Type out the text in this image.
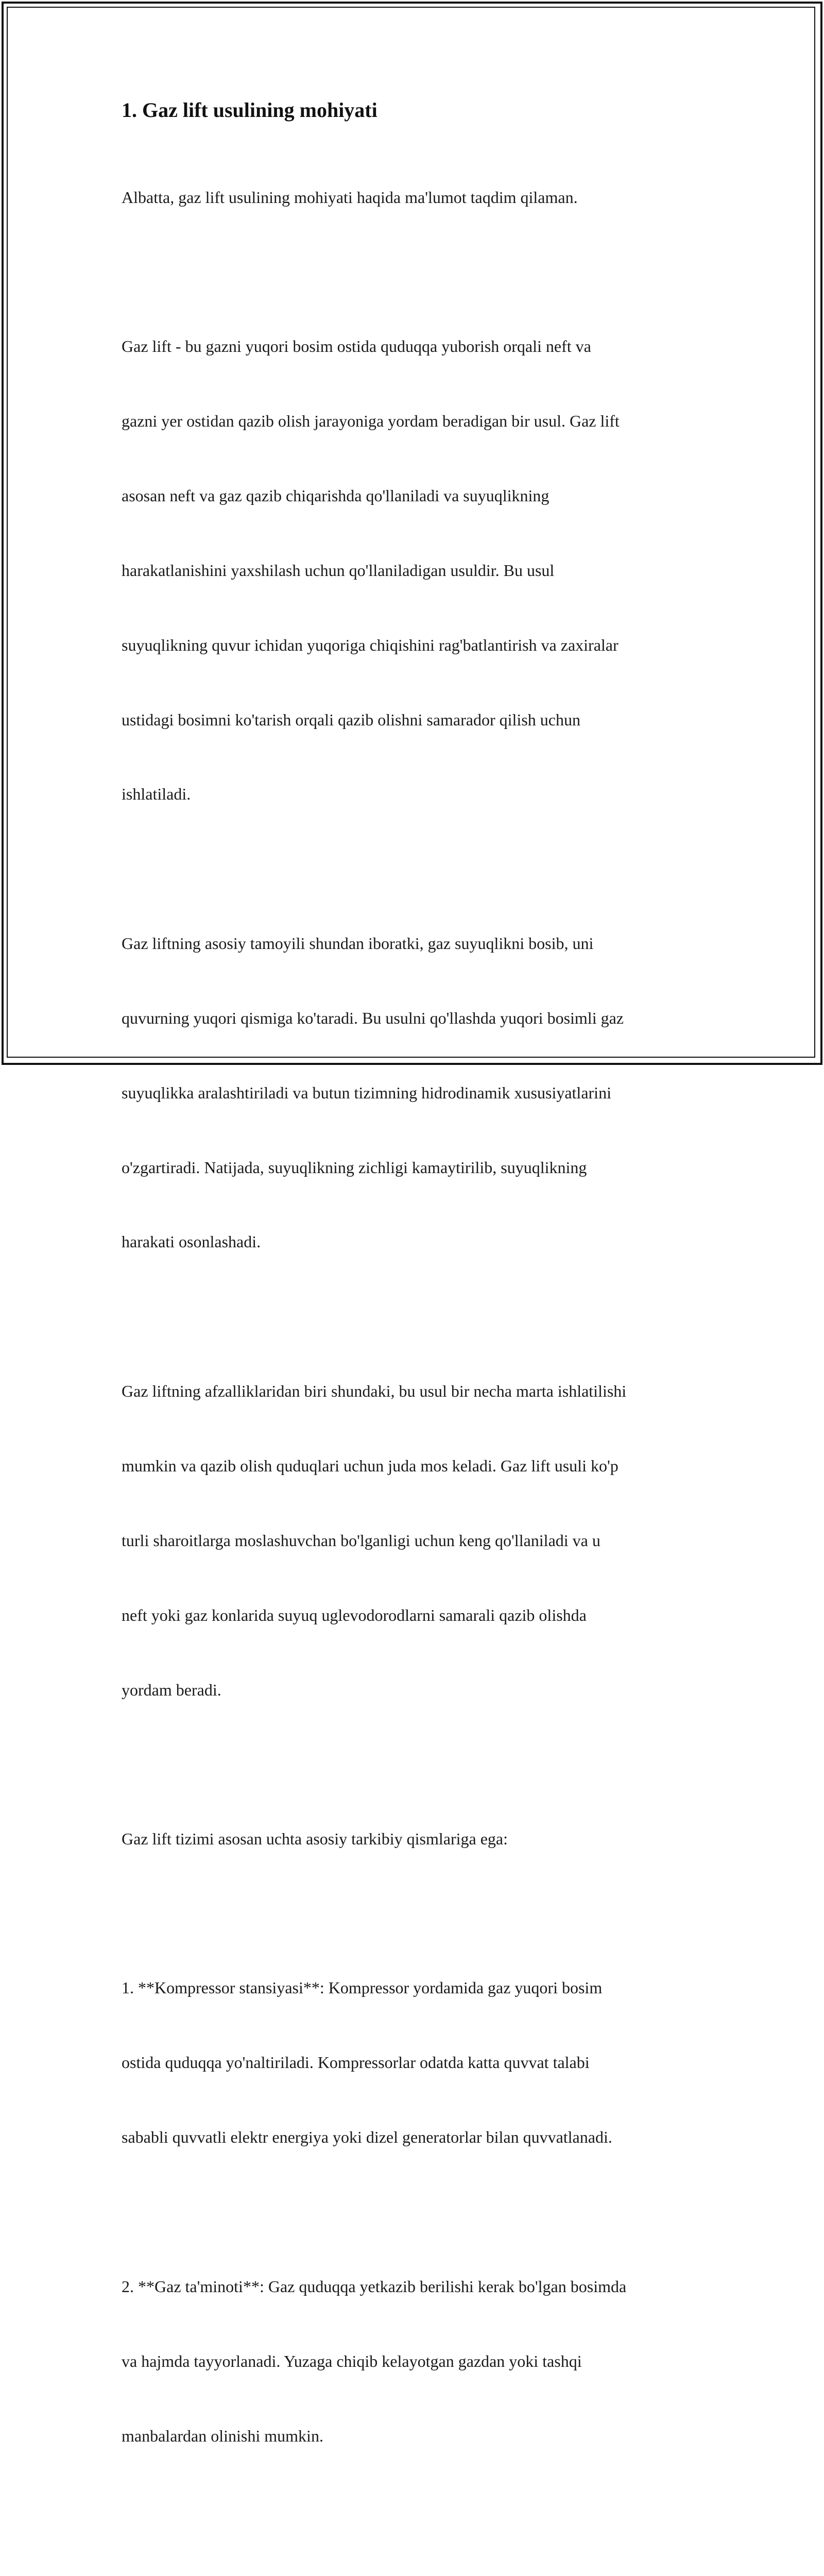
1. Gaz lift usulining mohiyati

Albatta, gaz lift usulining mohiyati haqida ma'lumot taqdim qilaman.

Gaz lift - bu gazni yuqori bosim ostida quduqqa yuborish orqali neft va

gazni yer ostidan qazib olish jarayoniga yordam beradigan bir usul. Gaz lift

asosan neft va gaz qazib chiqarishda qo'llaniladi va suyuqlikning

harakatlanishini yaxshilash uchun qo'llaniladigan usuldir. Bu usul

suyuqlikning quvur ichidan yuqoriga chiqishini rag'batlantirish va zaxiralar

ustidagi bosimni ko'tarish orqali qazib olishni samarador qilish uchun

ishlatiladi.

Gaz liftning asosiy tamoyili shundan iboratki, gaz suyuqlikni bosib, uni

quvurning yuqori qismiga ko'taradi. Bu usulni qo'llashda yuqori bosimli gaz

suyuqlikka aralashtiriladi va butun tizimning hidrodinamik xususiyatlarini

o'zgartiradi. Natijada, suyuqlikning zichligi kamaytirilib, suyuqlikning

harakati osonlashadi.

Gaz liftning afzalliklaridan biri shundaki, bu usul bir necha marta ishlatilishi

mumkin va qazib olish quduqlari uchun juda mos keladi. Gaz lift usuli ko'p

turli sharoitlarga moslashuvchan bo'lganligi uchun keng qo'llaniladi va u

neft yoki gaz konlarida suyuq uglevodorodlarni samarali qazib olishda

yordam beradi.

Gaz lift tizimi asosan uchta asosiy tarkibiy qismlariga ega:

1. **Kompressor stansiyasi**: Kompressor yordamida gaz yuqori bosim

ostida quduqqa yo'naltiriladi. Kompressorlar odatda katta quvvat talabi

sababli quvvatli elektr energiya yoki dizel generatorlar bilan quvvatlanadi.

2. **Gaz ta'minoti**: Gaz quduqqa yetkazib berilishi kerak bo'lgan bosimda

va hajmda tayyorlanadi. Yuzaga chiqib kelayotgan gazdan yoki tashqi

manbalardan olinishi mumkin.
